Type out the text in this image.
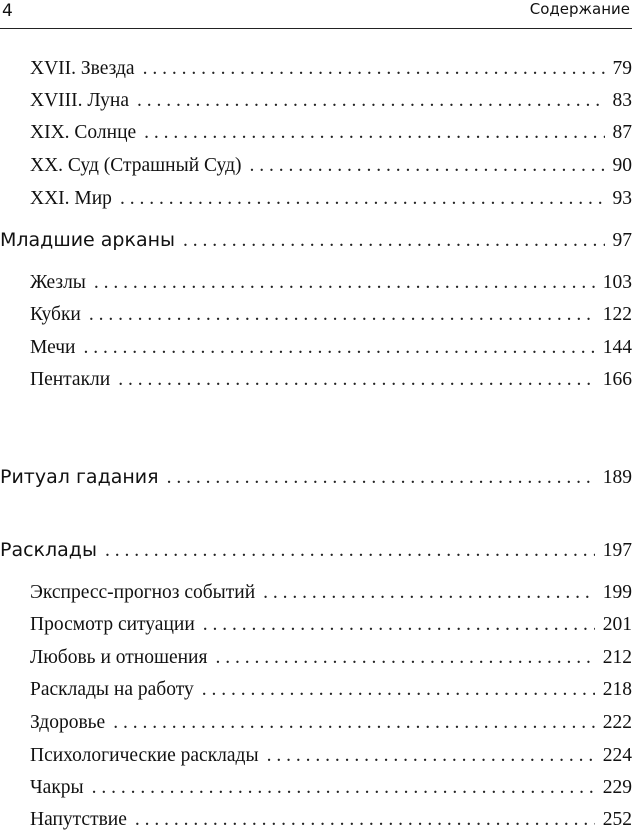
4	Содержание
XVII. Звезда . . .	79
XVIII. Луна . . .	83
XIX. Солнце . . .	87
XX. Суд (Страшный Суд) . . .	90
XXI. Мир . . .	93
Младшие арканы . . .	97
Жезлы . . .	103
Кубки . . .	122
Мечи . . .	144
Пентакли . . .	166
Ритуал гадания . . .	189
Расклады . . .	197
Экспресс-прогноз событий . . .	199
Просмотр ситуации . . .	201
Любовь и отношения . . .	212
Расклады на работу . . .	218
Здоровье . . .	222
Психологические расклады . . .	224
Чакры . . .	229
Напутствие . . .	252
